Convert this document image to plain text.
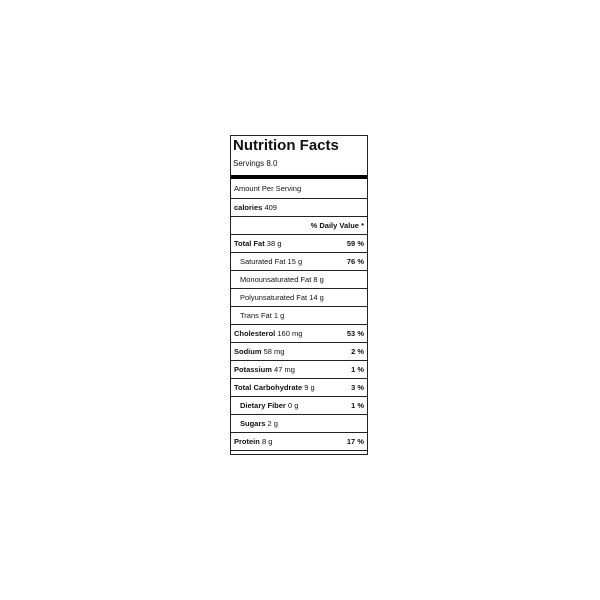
Nutrition Facts
Servings 8.0
Amount Per Serving
calories 409
% Daily Value *
Total Fat 38 g	59 %
Saturated Fat 15 g	76 %
Monounsaturated Fat 8 g
Polyunsaturated Fat 14 g
Trans Fat 1 g
Cholesterol 160 mg	53 %
Sodium 58 mg	2 %
Potassium 47 mg	1 %
Total Carbohydrate 9 g	3 %
Dietary Fiber 0 g	1 %
Sugars 2 g
Protein 8 g	17 %
